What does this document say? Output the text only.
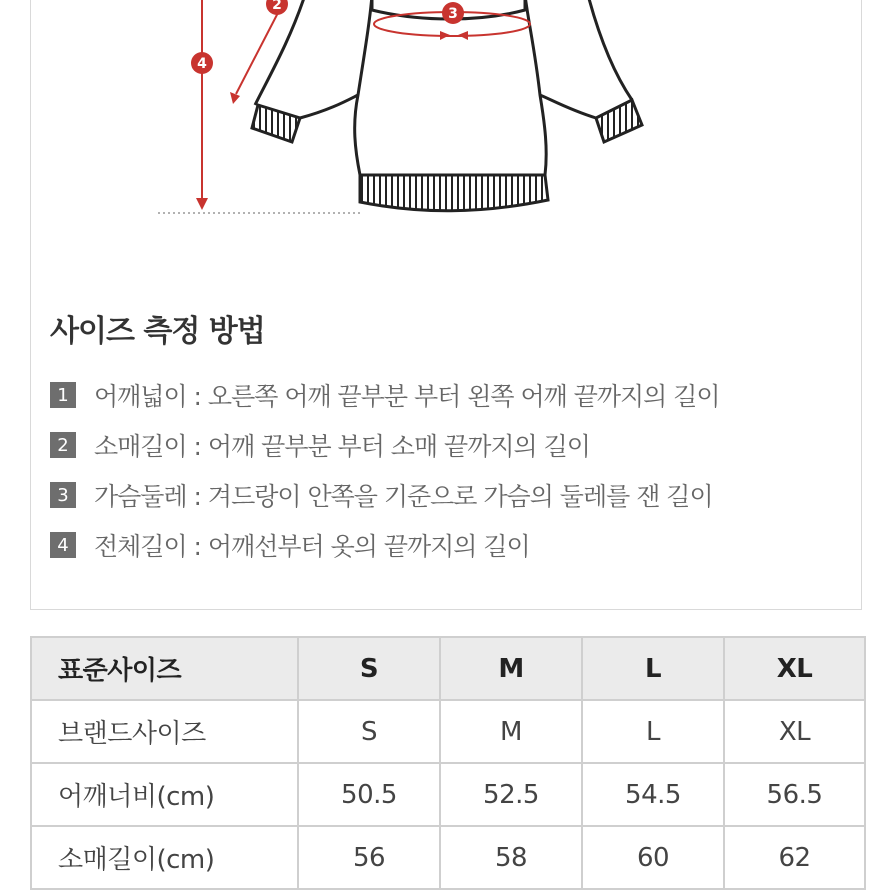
2
3
4
사이즈 측정 방법
1 어깨넓이 : 오른쪽 어깨 끝부분 부터 왼쪽 어깨 끝까지의 길이
2 소매길이 : 어깨 끝부분 부터 소매 끝까지의 길이
3 가슴둘레 : 겨드랑이 안쪽을 기준으로 가슴의 둘레를 잰 길이
4 전체길이 : 어깨선부터 옷의 끝까지의 길이
표준사이즈	S	M	L	XL
브랜드사이즈	S	M	L	XL
어깨너비(cm)	50.5	52.5	54.5	56.5
소매길이(cm)	56	58	60	62
